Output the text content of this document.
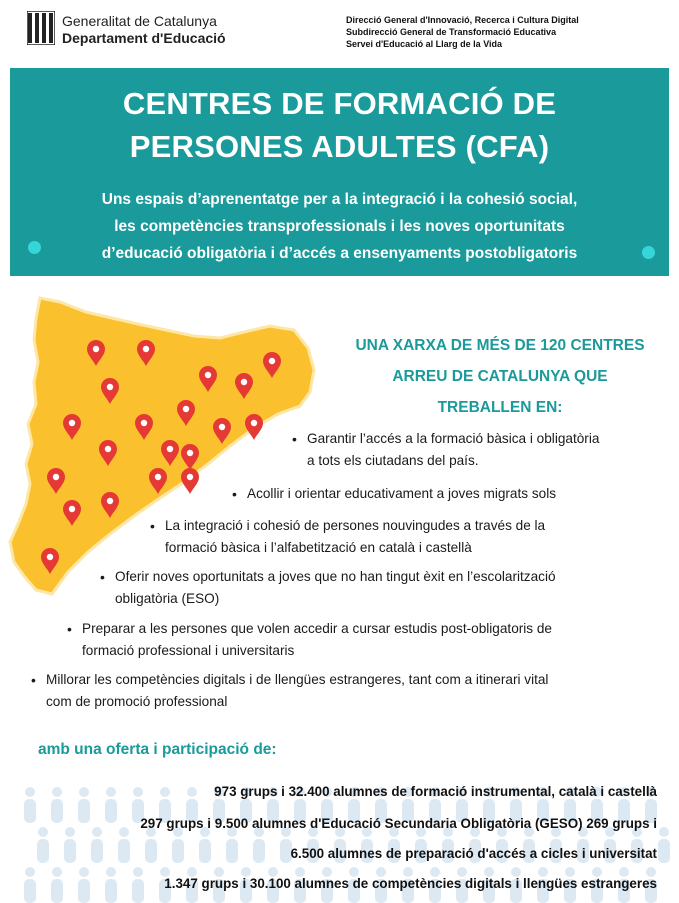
Generalitat de Catalunya
Departament d'Educació
Direcció General d'Innovació, Recerca i Cultura Digital
Subdirecció General de Transformació Educativa
Servei d'Educació al Llarg de la Vida
CENTRES DE FORMACIÓ DE
PERSONES ADULTES (CFA)
Uns espais d’aprenentatge per a la integració i la cohesió social,
les competències transprofessionals i les noves oportunitats
d’educació obligatòria i d’accés a ensenyaments postobligatoris
UNA XARXA DE MÉS DE 120 CENTRES
ARREU DE CATALUNYA QUE
TREBALLEN EN:
• Garantir l’accés a la formació bàsica i obligatòria
a tots els ciutadans del país.
• Acollir i orientar educativament a joves migrats sols
• La integració i cohesió de persones nouvingudes a través de la
formació bàsica i l’alfabetització en català i castellà
• Oferir noves oportunitats a joves que no han tingut èxit en l’escolarització
obligatòria (ESO)
• Preparar a les persones que volen accedir a cursar estudis post-obligatoris de
formació professional i universitaris
• Millorar les competències digitals i de llengües estrangeres, tant com a itinerari vital
com de promoció professional
amb una oferta i participació de:
973 grups i 32.400 alumnes de formació instrumental, català i castellà
297 grups i 9.500 alumnes d'Educació Secundaria Obligatòria (GESO) 269 grups i
6.500 alumnes de preparació d'accés a cicles i universitat
1.347 grups i 30.100 alumnes de competències digitals i llengües estrangeres
